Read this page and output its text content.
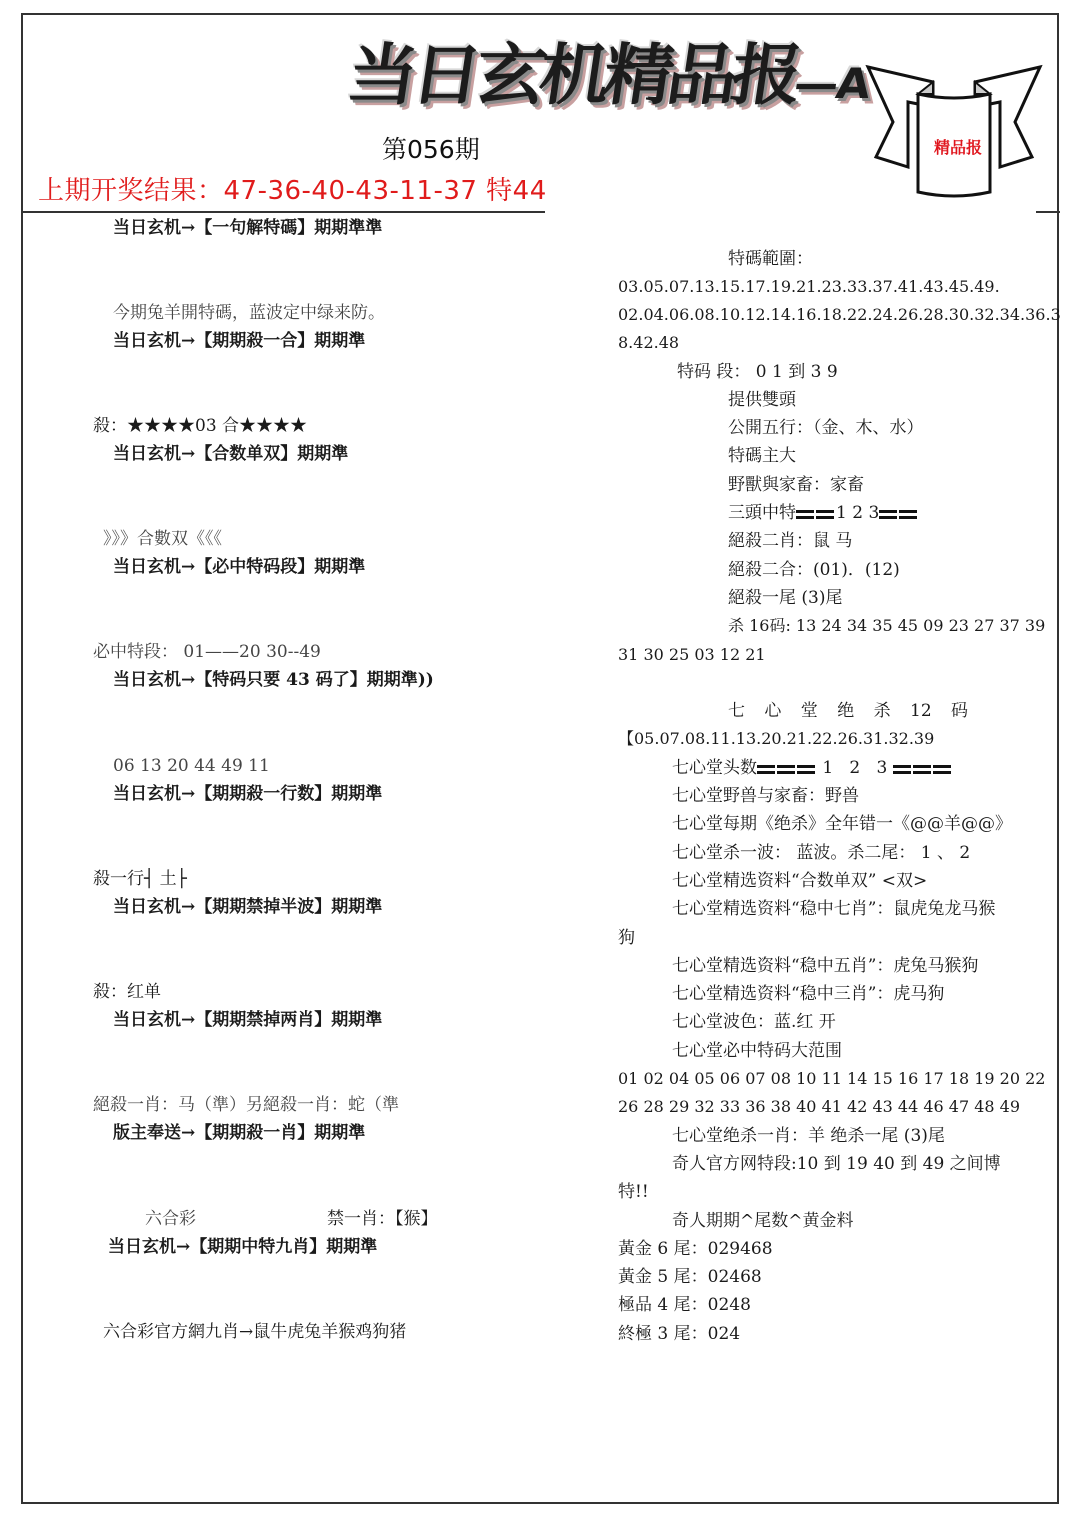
当日玄机精品报—A
精品报
第056期
上期开奖结果：47-36-40-43-11-37 特44
当日玄机→【一句解特碼】期期準準
今期兔羊開特碼，蓝波定中绿来防。
当日玄机→【期期殺一合】期期準
殺：★★★★03 合★★★★
当日玄机→【合数单双】期期準
》》》合數双《《《
当日玄机→【必中特码段】期期準
必中特段： 01——20 30--49
当日玄机→【特码只要 43 码了】期期準))
06 13 20 44 49 11
当日玄机→【期期殺一行数】期期準
殺一行┤ 土├
当日玄机→【期期禁掉半波】期期準
殺：红单
当日玄机→【期期禁掉两肖】期期準
絕殺一肖：马（準）另絕殺一肖：蛇（準
版主奉送→【期期殺一肖】期期準
六合彩	禁一肖：【猴】
当日玄机→【期期中特九肖】期期準
六合彩官方網九肖→鼠牛虎兔羊猴鸡狗猪
特碼範圍：
03.05.07.13.15.17.19.21.23.33.37.41.43.45.49.
02.04.06.08.10.12.14.16.18.22.24.26.28.30.32.34.36.3
8.42.48
特码 段： 0 1 到 3 9
提供雙頭
公開五行：（金、木、水）
特碼主大
野獸與家畜：家畜
三頭中特 1 2 3
絕殺二肖：鼠 马
絕殺二合：(01)．(12)
絕殺一尾 (3)尾
杀 16码: 13 24 34 35 45 09 23 27 37 39
31 30 25 03 12 21
七 心 堂 绝 杀 12 码
【05.07.08.11.13.20.21.22.26.31.32.39
七心堂头数	1   2   3
七心堂野兽与家畜：野兽
七心堂每期《绝杀》全年错一《@@羊@@》
七心堂杀一波： 蓝波。杀二尾： 1 、 2
七心堂精选资料“合数单双” <双>
七心堂精选资料“稳中七肖”：鼠虎兔龙马猴
狗
七心堂精选资料“稳中五肖”：虎兔马猴狗
七心堂精选资料“稳中三肖”：虎马狗
七心堂波色：蓝.红 开
七心堂必中特码大范围
01 02 04 05 06 07 08 10 11 14 15 16 17 18 19 20 22
26 28 29 32 33 36 38 40 41 42 43 44 46 47 48 49
七心堂绝杀一肖：羊 绝杀一尾 (3)尾
奇人官方网特段:10 到 19 40 到 49 之间博
特!!
奇人期期^尾数^黄金料
黃金 6 尾：029468
黃金 5 尾：02468
極品 4 尾：0248
終極 3 尾：024
